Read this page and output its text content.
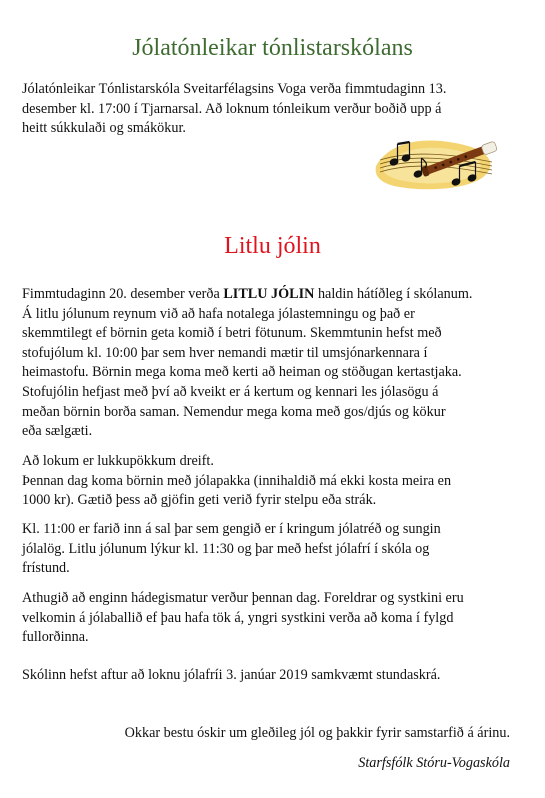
Jólatónleikar tónlistarskólans

Jólatónleikar Tónlistarskóla Sveitarfélagsins Voga verða fimmtudaginn 13.

desember kl. 17:00 í Tjarnarsal. Að loknum tónleikum verður boðið upp á

heitt súkkulaði og smákökur.

Litlu jólin

Fimmtudaginn 20. desember verða LITLU JÓLIN haldin hátíðleg í skólanum.

Á litlu jólunum reynum við að hafa notalega jólastemningu og það er

skemmtilegt ef börnin geta komið í betri fötunum. Skemmtunin hefst með

stofujólum kl. 10:00 þar sem hver nemandi mætir til umsjónarkennara í

heimastofu. Börnin mega koma með kerti að heiman og stöðugan kertastjaka.

Stofujólin hefjast með því að kveikt er á kertum og kennari les jólasögu á

meðan börnin borða saman. Nemendur mega koma með gos/djús og kökur

eða sælgæti.

Að lokum er lukkupökkum dreift.

Þennan dag koma börnin með jólapakka (innihaldið má ekki kosta meira en

1000 kr). Gætið þess að gjöfin geti verið fyrir stelpu eða strák.

Kl. 11:00 er farið inn á sal þar sem gengið er í kringum jólatréð og sungin

jólalög. Litlu jólunum lýkur kl. 11:30 og þar með hefst jólafrí í skóla og

frístund.

Athugið að enginn hádegismatur verður þennan dag. Foreldrar og systkini eru

velkomin á jólaballið ef þau hafa tök á, yngri systkini verða að koma í fylgd

fullorðinna.

Skólinn hefst aftur að loknu jólafríi 3. janúar 2019 samkvæmt stundaskrá.

Okkar bestu óskir um gleðileg jól og þakkir fyrir samstarfið á árinu.

Starfsfólk Stóru-Vogaskóla
